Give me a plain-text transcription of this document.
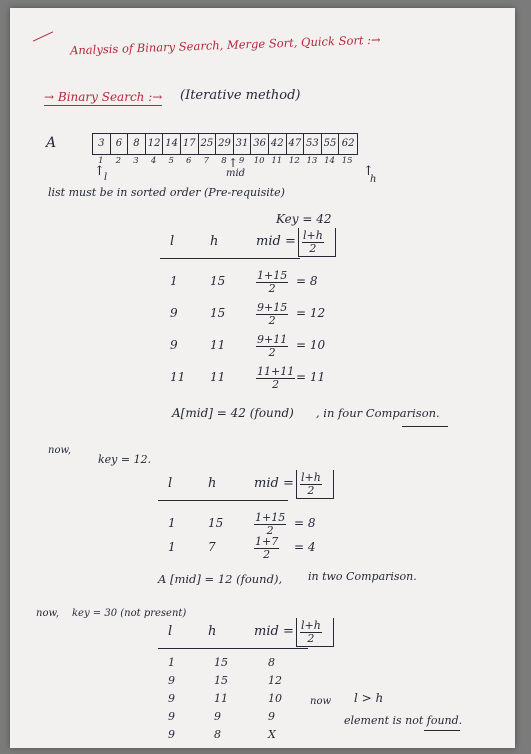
Analysis of Binary Search, Merge Sort, Quick Sort :→
→ Binary Search :→ (Iterative method)
A	3	6	8 12 14 17 25 29 31 36 42 47 53 55 62
1	2	3	4	5	6	7	8	9	10 11 12 13 14 15
↑ l
↑
mid	↑
h
list must be in sorted order (Pre-requisite)
Key = 42
l	h	mid = $\frac{l+h}{2}$
1	15	$\frac{1+15}{2} = 8$
9	15	$\frac{9+15}{2} = 12$
9	11	$\frac{9+11}{2} = 10$
11 11	$\frac{11+11}{2} = 11$
A[mid] = 42 (found) , in four Comparison.
now,
key = 12.
l	h	mid = $\frac{l+h}{2}$
1	15	$\frac{1+15}{2} = 8$
1	7	$\frac{1+7}{2} = 4$
A [mid] = 12 (found), in two Comparison.
now, key = 30 (not present)
l	h	mid = $\frac{l+h}{2}$
1	15	8
9	15	12
9	11	10
9	9	9
9	8	X
now l > h
element is not found.
